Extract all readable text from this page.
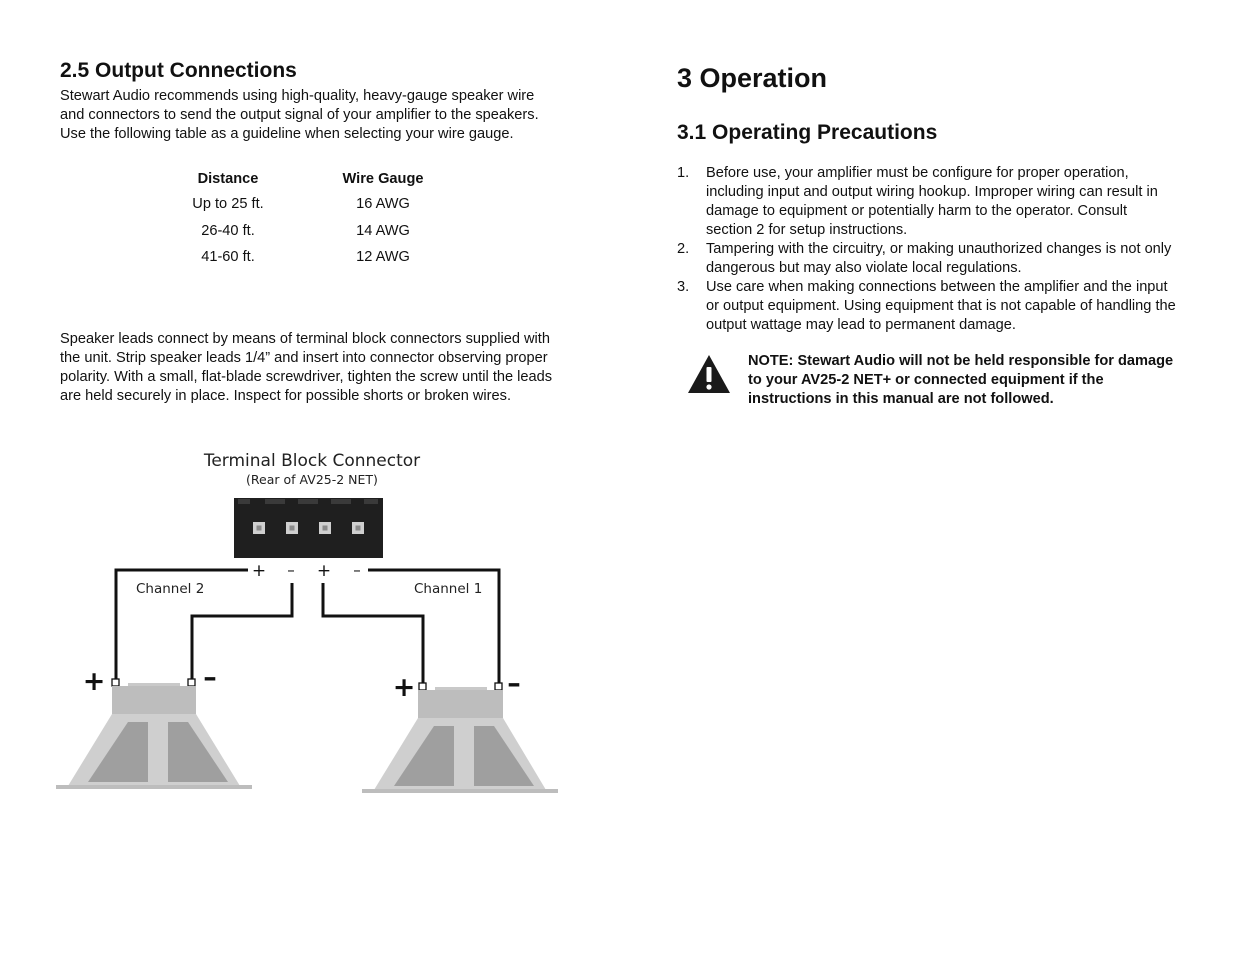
2.5 Output Connections

Stewart Audio recommends using high-quality, heavy-gauge speaker wire and connectors to send the output signal of your amplifier to the speakers. Use the following table as a guideline when selecting your wire gauge.

Distance	Wire Gauge
Up to 25 ft.	16 AWG
26-40 ft.	14 AWG
41-60 ft.	12 AWG

Speaker leads connect by means of terminal block connectors supplied with the unit. Strip speaker leads 1/4” and insert into connector observing proper polarity. With a small, flat-blade screwdriver, tighten the screw until the leads are held securely in place. Inspect for possible shorts or broken wires.

Terminal Block Connector
(Rear of AV25-2 NET)
+ – + –
Channel 2	Channel 1
+	–	+	–
3 Operation
3.1 Operating Precautions
1. Before use, your amplifier must be configure for proper operation, including input and output wiring hookup. Improper wiring can result in damage to equipment or potentially harm to the operator. Consult section 2 for setup instructions.
2. Tampering with the circuitry, or making unauthorized changes is not only dangerous but may also violate local regulations.
3. Use care when making connections between the amplifier and the input or output equipment. Using equipment that is not capable of handling the output wattage may lead to permanent damage.

NOTE: Stewart Audio will not be held responsible for damage to your AV25-2 NET+ or connected equipment if the instructions in this manual are not followed.
